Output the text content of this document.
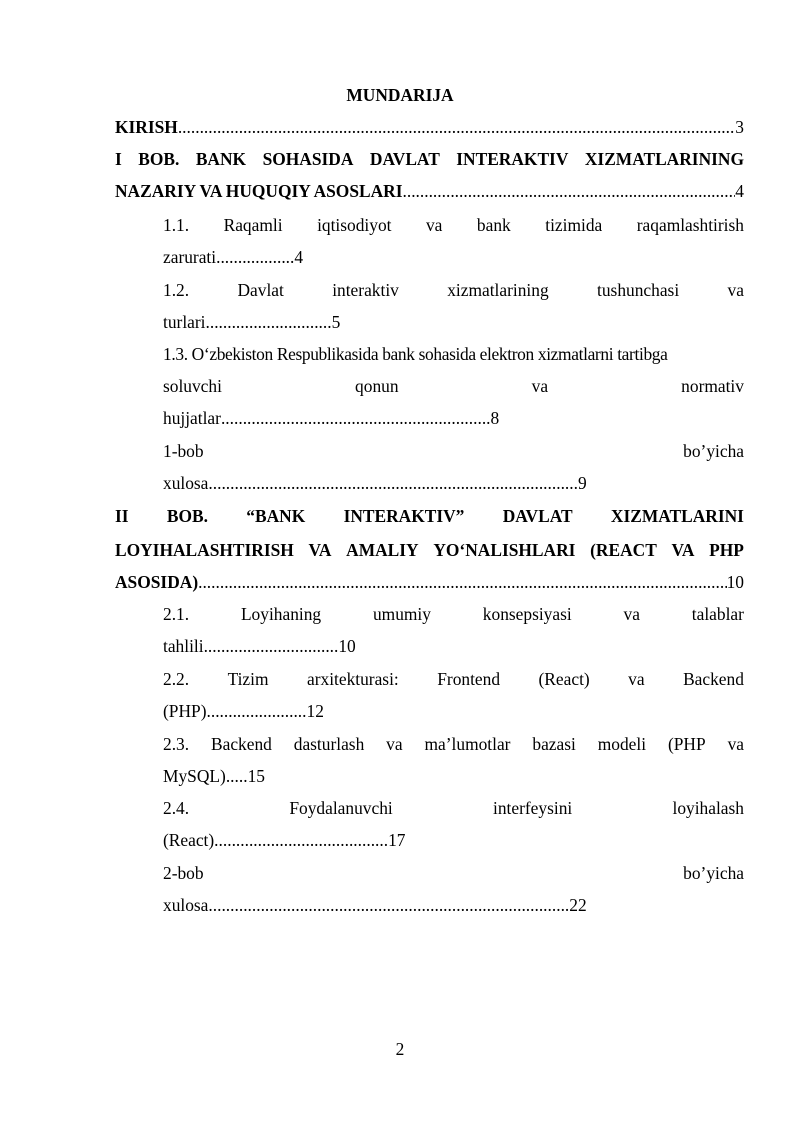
MUNDARIJA
KIRISH .....	3
I BOB. BANK SOHASIDA DAVLAT INTERAKTIV XIZMATLARINING
NAZARIY VA HUQUQIY ASOSLARI .....	4
1.1. Raqamli iqtisodiyot va bank tizimida raqamlashtirish
zarurati .................. 4
1.2.	Davlat	interaktiv	xizmatlarining	tushunchasi	va
turlari ............................. 5
1.3. O‘zbekiston Respublikasida bank sohasida elektron xizmatlarni tartibga
soluvchi	qonun	va	normativ
hujjatlar .............................................................. 8
1-bob	bo’yicha
xulosa ..................................................................................... 9
II BOB. “BANK INTERAKTIV” DAVLAT XIZMATLARINI
LOYIHALASHTIRISH VA AMALIY YO‘NALISHLARI (REACT VA PHP
ASOSIDA) .....	10
2.1.	Loyihaning	umumiy	konsepsiyasi	va	talablar
tahlili ............................... 10
2.2. Tizim arxitekturasi: Frontend (React) va Backend
(PHP) ....................... 12
2.3. Backend dasturlash va ma’lumotlar bazasi modeli (PHP va
MySQL) ..... 15
2.4.	Foydalanuvchi	interfeysini	loyihalash
(React) ........................................ 17
2-bob	bo’yicha
xulosa ................................................................................... 22
2
